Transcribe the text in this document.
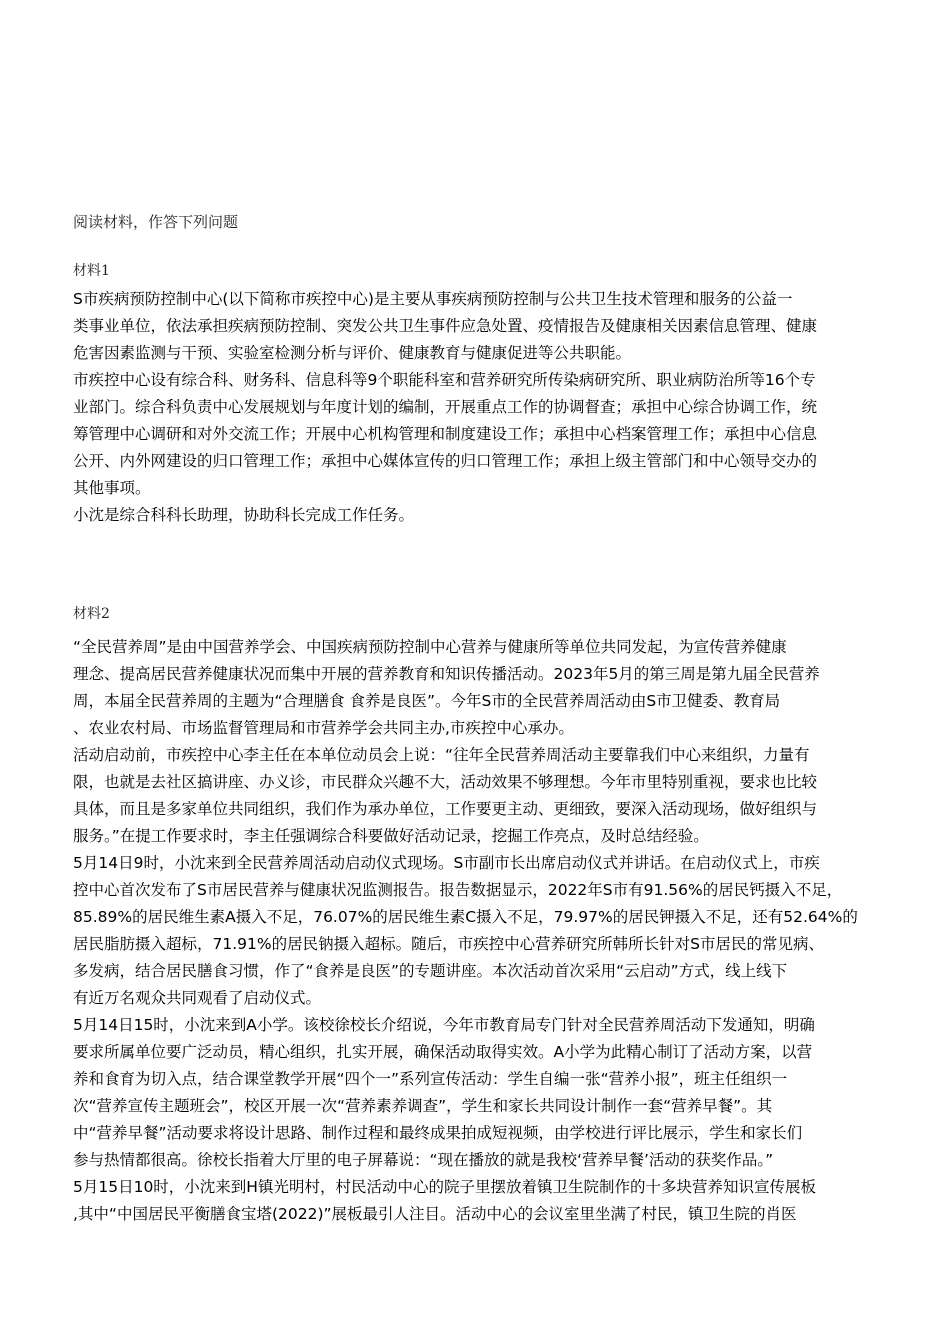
阅读材料，作答下列问题
材料1
S市疾病预防控制中心(以下简称市疾控中心)是主要从事疾病预防控制与公共卫生技术管理和服务的公益一
类事业单位，依法承担疾病预防控制、突发公共卫生事件应急处置、疫情报告及健康相关因素信息管理、健康
危害因素监测与干预、实验室检测分析与评价、健康教育与健康促进等公共职能。
市疾控中心设有综合科、财务科、信息科等9个职能科室和营养研究所传染病研究所、职业病防治所等16个专
业部门。综合科负责中心发展规划与年度计划的编制，开展重点工作的协调督查；承担中心综合协调工作，统
筹管理中心调研和对外交流工作；开展中心机构管理和制度建设工作；承担中心档案管理工作；承担中心信息
公开、内外网建设的归口管理工作；承担中心媒体宣传的归口管理工作；承担上级主管部门和中心领导交办的
其他事项。
小沈是综合科科长助理，协助科长完成工作任务。
材料2
“全民营养周”是由中国营养学会、中国疾病预防控制中心营养与健康所等单位共同发起，为宣传营养健康
理念、提高居民营养健康状况而集中开展的营养教育和知识传播活动。2023年5月的第三周是第九届全民营养
周，本届全民营养周的主题为“合理膳食 食养是良医”。今年S市的全民营养周活动由S市卫健委、教育局
、农业农村局、市场监督管理局和市营养学会共同主办,市疾控中心承办。
活动启动前，市疾控中心李主任在本单位动员会上说：“往年全民营养周活动主要靠我们中心来组织，力量有
限，也就是去社区搞讲座、办义诊，市民群众兴趣不大，活动效果不够理想。今年市里特别重视，要求也比较
具体，而且是多家单位共同组织，我们作为承办单位，工作要更主动、更细致，要深入活动现场，做好组织与
服务。”在提工作要求时，李主任强调综合科要做好活动记录，挖掘工作亮点，及时总结经验。
5月14日9时，小沈来到全民营养周活动启动仪式现场。S市副市长出席启动仪式并讲话。在启动仪式上，市疾
控中心首次发布了S市居民营养与健康状况监测报告。报告数据显示，2022年S市有91.56%的居民钙摄入不足，
85.89%的居民维生素A摄入不足，76.07%的居民维生素C摄入不足，79.97%的居民钾摄入不足，还有52.64%的
居民脂肪摄入超标，71.91%的居民钠摄入超标。随后，市疾控中心营养研究所韩所长针对S市居民的常见病、
多发病，结合居民膳食习惯，作了“食养是良医”的专题讲座。本次活动首次采用“云启动”方式，线上线下
有近万名观众共同观看了启动仪式。
5月14日15时，小沈来到A小学。该校徐校长介绍说，今年市教育局专门针对全民营养周活动下发通知，明确
要求所属单位要广泛动员，精心组织，扎实开展，确保活动取得实效。A小学为此精心制订了活动方案，以营
养和食育为切入点，结合课堂教学开展“四个一”系列宣传活动：学生自编一张“营养小报”，班主任组织一
次“营养宣传主题班会”，校区开展一次“营养素养调查”，学生和家长共同设计制作一套“营养早餐”。其
中“营养早餐”活动要求将设计思路、制作过程和最终成果拍成短视频，由学校进行评比展示，学生和家长们
参与热情都很高。徐校长指着大厅里的电子屏幕说：“现在播放的就是我校‘营养早餐’活动的获奖作品。”
5月15日10时，小沈来到H镇光明村，村民活动中心的院子里摆放着镇卫生院制作的十多块营养知识宣传展板
,其中“中国居民平衡膳食宝塔(2022)”展板最引人注目。活动中心的会议室里坐满了村民，镇卫生院的肖医
